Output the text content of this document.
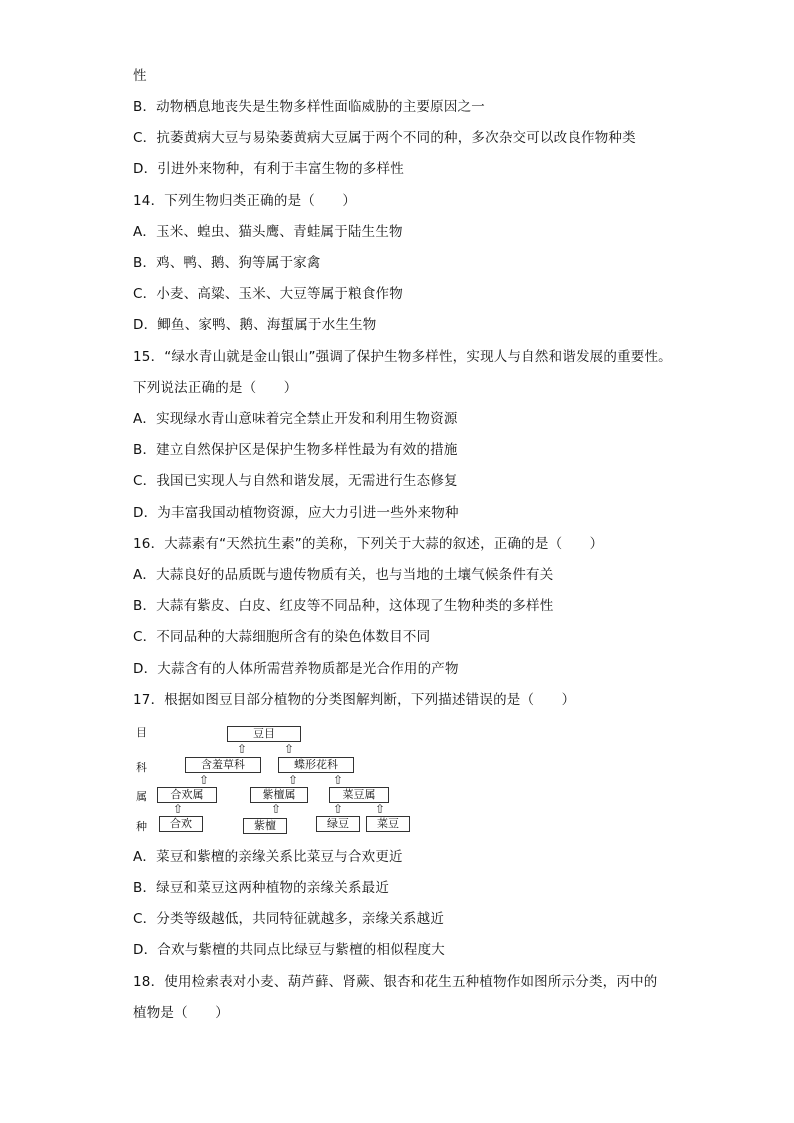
性
B．动物栖息地丧失是生物多样性面临威胁的主要原因之一
C．抗萎黄病大豆与易染萎黄病大豆属于两个不同的种，多次杂交可以改良作物种类
D．引进外来物种，有利于丰富生物的多样性
14．下列生物归类正确的是（　　）
A．玉米、蝗虫、猫头鹰、青蛙属于陆生生物
B．鸡、鸭、鹅、狗等属于家禽
C．小麦、高粱、玉米、大豆等属于粮食作物
D．鲫鱼、家鸭、鹅、海蜇属于水生生物
15．“绿水青山就是金山银山”强调了保护生物多样性，实现人与自然和谐发展的重要性。
下列说法正确的是（　　）
A．实现绿水青山意味着完全禁止开发和利用生物资源
B．建立自然保护区是保护生物多样性最为有效的措施
C．我国已实现人与自然和谐发展，无需进行生态修复
D．为丰富我国动植物资源，应大力引进一些外来物种
16．大蒜素有“天然抗生素”的美称，下列关于大蒜的叙述，正确的是（　　）
A．大蒜良好的品质既与遗传物质有关，也与当地的土壤气候条件有关
B．大蒜有紫皮、白皮、红皮等不同品种，这体现了生物种类的多样性
C．不同品种的大蒜细胞所含有的染色体数目不同
D．大蒜含有的人体所需营养物质都是光合作用的产物
17．根据如图豆目部分植物的分类图解判断，下列描述错误的是（　　）
目
科
属
种
豆目
⇧	⇧
含羞草科	蝶形花科
⇧	⇧	⇧
合欢属	紫檀属	菜豆属
⇧	⇧	⇧	⇧
合欢	紫檀	绿豆	菜豆
A．菜豆和紫檀的亲缘关系比菜豆与合欢更近
B．绿豆和菜豆这两种植物的亲缘关系最近
C．分类等级越低，共同特征就越多，亲缘关系越近
D．合欢与紫檀的共同点比绿豆与紫檀的相似程度大
18．使用检索表对小麦、葫芦藓、肾蕨、银杏和花生五种植物作如图所示分类，丙中的
植物是（　　）
